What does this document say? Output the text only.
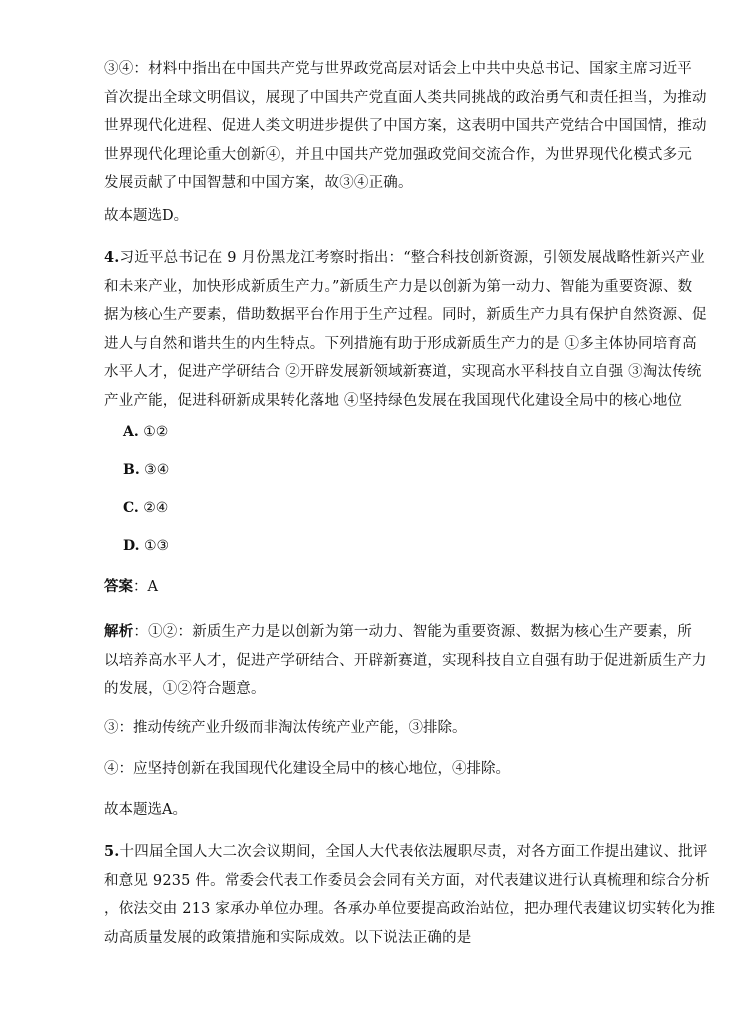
③④：材料中指出在中国共产党与世界政党高层对话会上中共中央总书记、国家主席习近平
首次提出全球文明倡议，展现了中国共产党直面人类共同挑战的政治勇气和责任担当，为推动
世界现代化进程、促进人类文明进步提供了中国方案，这表明中国共产党结合中国国情，推动
世界现代化理论重大创新④，并且中国共产党加强政党间交流合作，为世界现代化模式多元
发展贡献了中国智慧和中国方案，故③④正确。

故本题选D。

4.习近平总书记在 9 月份黑龙江考察时指出：“整合科技创新资源，引领发展战略性新兴产业
和未来产业，加快形成新质生产力。”新质生产力是以创新为第一动力、智能为重要资源、数
据为核心生产要素，借助数据平台作用于生产过程。同时，新质生产力具有保护自然资源、促
进人与自然和谐共生的内生特点。下列措施有助于形成新质生产力的是 ①多主体协同培育高
水平人才，促进产学研结合 ②开辟发展新领域新赛道，实现高水平科技自立自强 ③淘汰传统
产业产能，促进科研新成果转化落地 ④坚持绿色发展在我国现代化建设全局中的核心地位
A. ①②
B. ③④
C. ②④
D. ①③

答案：A

解析：①②：新质生产力是以创新为第一动力、智能为重要资源、数据为核心生产要素，所
以培养高水平人才，促进产学研结合、开辟新赛道，实现科技自立自强有助于促进新质生产力
的发展，①②符合题意。

③：推动传统产业升级而非淘汰传统产业产能，③排除。

④：应坚持创新在我国现代化建设全局中的核心地位，④排除。

故本题选A。

5.十四届全国人大二次会议期间，全国人大代表依法履职尽责，对各方面工作提出建议、批评
和意见 9235 件。常委会代表工作委员会会同有关方面，对代表建议进行认真梳理和综合分析
，依法交由 213 家承办单位办理。各承办单位要提高政治站位，把办理代表建议切实转化为推
动高质量发展的政策措施和实际成效。以下说法正确的是
